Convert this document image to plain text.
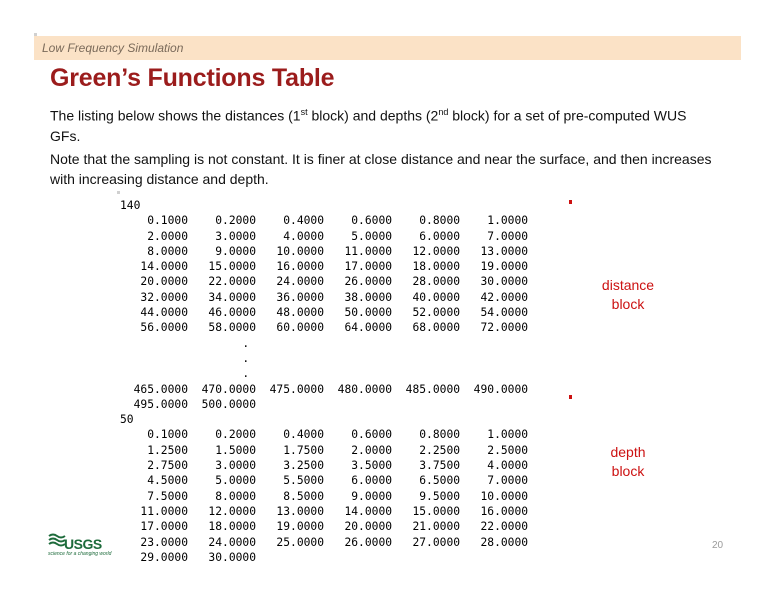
Low Frequency Simulation
Green’s Functions Table
The listing below shows the distances (1st block) and depths (2nd block) for a set of pre-computed WUS GFs.
Note that the sampling is not constant. It is finer at close distance and near the surface, and then increases with increasing distance and depth.
140
0.1000    0.2000    0.4000    0.6000    0.8000    1.0000
2.0000    3.0000    4.0000    5.0000    6.0000    7.0000
8.0000    9.0000   10.0000   11.0000   12.0000   13.0000
14.0000   15.0000   16.0000   17.0000   18.0000   19.0000
20.0000   22.0000   24.0000   26.0000   28.0000   30.0000
32.0000   34.0000   36.0000   38.0000   40.0000   42.0000
44.0000   46.0000   48.0000   50.0000   52.0000   54.0000
56.0000   58.0000   60.0000   64.0000   68.0000   72.0000
.
.
.
465.0000  470.0000  475.0000  480.0000  485.0000  490.0000
495.0000  500.0000
50
0.1000    0.2000    0.4000    0.6000    0.8000    1.0000
1.2500    1.5000    1.7500    2.0000    2.2500    2.5000
2.7500    3.0000    3.2500    3.5000    3.7500    4.0000
4.5000    5.0000    5.5000    6.0000    6.5000    7.0000
7.5000    8.0000    8.5000    9.0000    9.5000   10.0000
11.0000   12.0000   13.0000   14.0000   15.0000   16.0000
17.0000   18.0000   19.0000   20.0000   21.0000   22.0000
23.0000   24.0000   25.0000   26.0000   27.0000   28.0000
29.0000   30.0000

distance
block
depth
block
USGS
science for a changing world
20
